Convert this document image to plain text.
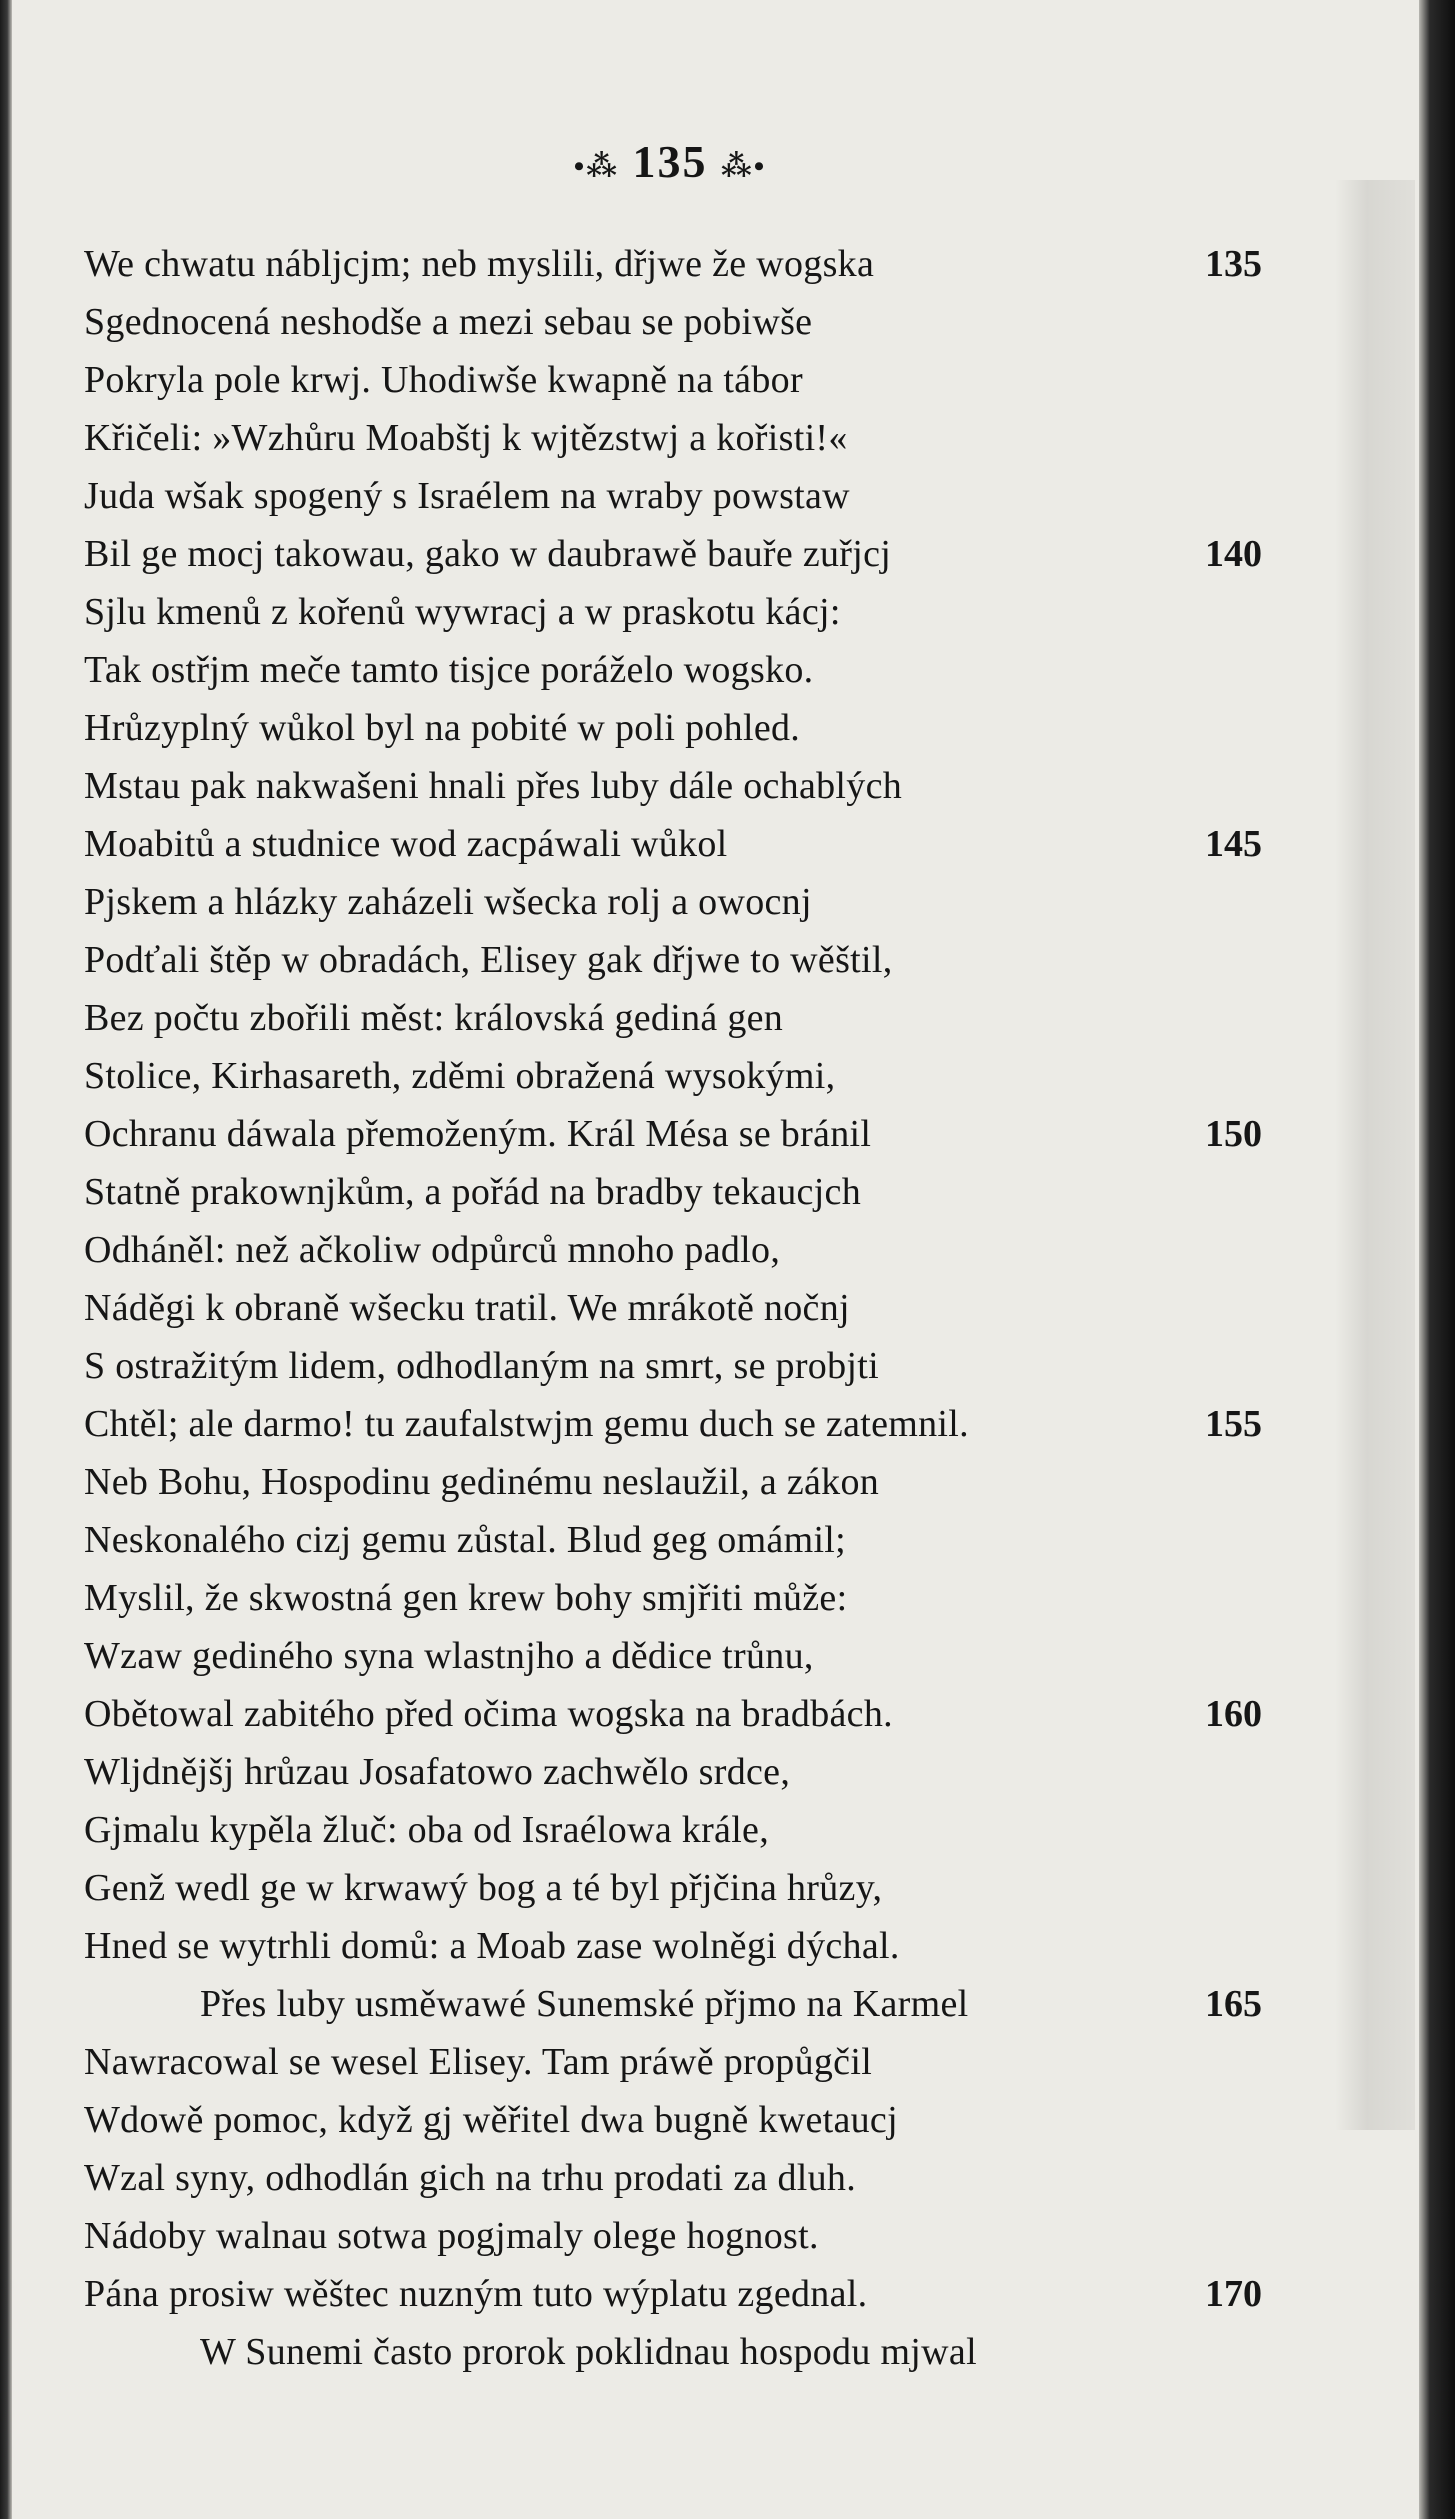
•⁂ 135 ⁂•
We chwatu nábljcjm; neb myslili, dřjwe že wogska
Sgednocená neshodše a mezi sebau se pobiwše
Pokryla pole krwj. Uhodiwše kwapně na tábor
Křičeli: »Wzhůru Moabštj k wjtězstwj a kořisti!«
Juda wšak spogený s Israélem na wraby powstaw
Bil ge mocj takowau, gako w daubrawě bauře zuřjcj
Sjlu kmenů z kořenů wywracj a w praskotu kácj:
Tak ostřjm meče tamto tisjce poráželo wogsko.
Hrůzyplný wůkol byl na pobité w poli pohled.
Mstau pak nakwašeni hnali přes luby dále ochablých
Moabitů a studnice wod zacpáwali wůkol
Pjskem a hlázky zaházeli wšecka rolj a owocnj
Podťali štěp w obradách, Elisey gak dřjwe to wěštil,
Bez počtu zbořili měst: královská gediná gen
Stolice, Kirhasareth, zděmi obražená wysokými,
Ochranu dáwala přemoženým. Král Mésa se bránil
Statně prakownjkům, a pořád na bradby tekaucjch
Odháněl: než ačkoliw odpůrců mnoho padlo,
Náděgi k obraně wšecku tratil. We mrákotě nočnj
S ostražitým lidem, odhodlaným na smrt, se probjti
Chtěl; ale darmo! tu zaufalstwjm gemu duch se zatemnil.
Neb Bohu, Hospodinu gedinému neslaužil, a zákon
Neskonalého cizj gemu zůstal. Blud geg omámil;
Myslil, že skwostná gen krew bohy smjřiti může:
Wzaw gediného syna wlastnjho a dědice trůnu,
Obětowal zabitého před očima wogska na bradbách.
Wljdnějšj hrůzau Josafatowo zachwělo srdce,
Gjmalu kypěla žluč: oba od Israélowa krále,
Genž wedl ge w krwawý bog a té byl přjčina hrůzy,
Hned se wytrhli domů: a Moab zase wolněgi dýchal.
Přes luby usměwawé Sunemské přjmo na Karmel
Nawracowal se wesel Elisey. Tam práwě propůgčil
Wdowě pomoc, když gj wěřitel dwa bugně kwetaucj
Wzal syny, odhodlán gich na trhu prodati za dluh.
Nádoby walnau sotwa pogjmaly olege hognost.
Pána prosiw wěštec nuzným tuto wýplatu zgednal.
W Sunemi často prorok poklidnau hospodu mjwal
135
140
145
150
155
160
165
170
